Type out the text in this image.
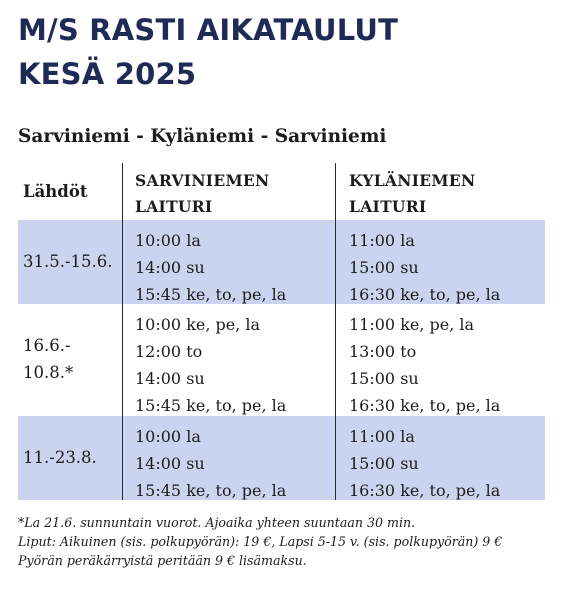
M/S RASTI AIKATAULUT
KESÄ 2025
Sarviniemi - Kyläniemi - Sarviniemi
Lähdöt
SARVINIEMEN
LAITURI
KYLÄNIEMEN
LAITURI
31.5.-15.6.
10:00 la
14:00 su
15:45 ke, to, pe, la
11:00 la
15:00 su
16:30 ke, to, pe, la
16.6.-
10.8.*
10:00 ke, pe, la
12:00 to
14:00 su
15:45 ke, to, pe, la
11:00 ke, pe, la
13:00 to
15:00 su
16:30 ke, to, pe, la
11.-23.8.
10:00 la
14:00 su
15:45 ke, to, pe, la
11:00 la
15:00 su
16:30 ke, to, pe, la
*La 21.6. sunnuntain vuorot. Ajoaika yhteen suuntaan 30 min.
Liput: Aikuinen (sis. polkupyörän): 19 €, Lapsi 5-15 v. (sis. polkupyörän) 9 €
Pyörän peräkärryistä peritään 9 € lisämaksu.
